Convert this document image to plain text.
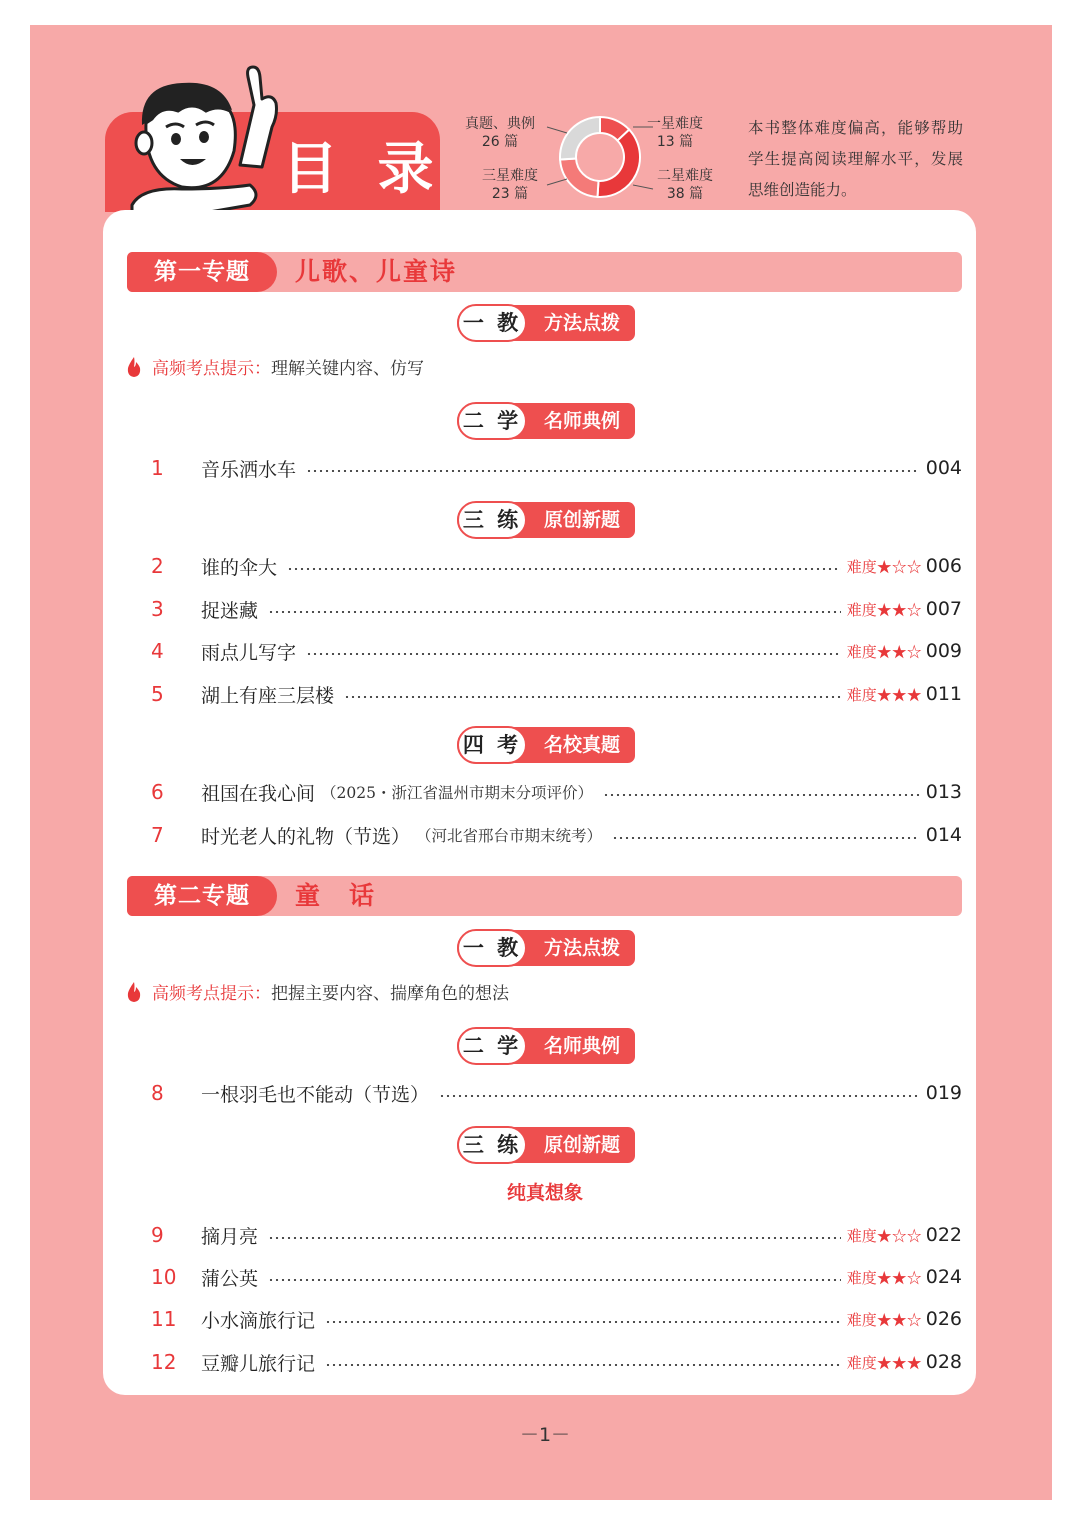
目 录
真题、典例
26 篇
三星难度
23 篇
一星难度
13 篇
二星难度
38 篇
本书整体难度偏高，能够帮助学生提高阅读理解水平，发展思维创造能力。
第一专题	儿歌、儿童诗
一 教	方法点拨
高频考点提示：理解关键内容、仿写
二 学	名师典例
1	音乐洒水车	004
三 练	原创新题
2	谁的伞大	难度★☆☆ 006
3	捉迷藏	难度★★☆ 007
4	雨点儿写字	难度★★☆ 009
5	湖上有座三层楼	难度★★★ 011
四 考	名校真题
6	祖国在我心间 （2025・浙江省温州市期末分项评价）	013
7	时光老人的礼物（节选） （河北省邢台市期末统考）	014
第二专题	童　话
一 教	方法点拨
高频考点提示：把握主要内容、揣摩角色的想法
二 学	名师典例
8	一根羽毛也不能动（节选）	019
三 练	原创新题
纯真想象
9	摘月亮	难度★☆☆ 022
10	蒲公英	难度★★☆ 024
11	小水滴旅行记	难度★★☆ 026
12	豆瓣儿旅行记	难度★★★ 028
－1－
